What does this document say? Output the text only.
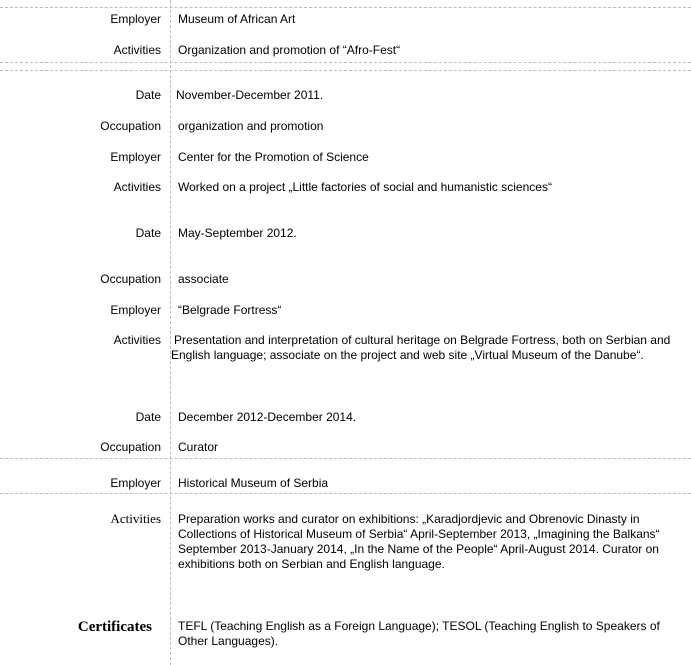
Employer Museum of African Art
Activities Organization and promotion of “Afro-Fest“
Date November-December 2011.
Occupation organization and promotion
Employer Center for the Promotion of Science
Activities Worked on a project „Little factories of social and humanistic sciences“
Date May-September 2012.
Occupation associate
Employer “Belgrade Fortress“
Activities Presentation and interpretation of cultural heritage on Belgrade Fortress, both on Serbian and English language; associate on the project and web site „Virtual Museum of the Danube“.
Date December 2012-December 2014.
Occupation Curator
Employer Historical Museum of Serbia
Activities Preparation works and curator on exhibitions: „Karadjordjevic and Obrenovic Dinasty in Collections of Historical Museum of Serbia“ April-September 2013, „Imagining the Balkans“ September 2013-January 2014, „In the Name of the People“ April-August 2014. Curator on exhibitions both on Serbian and English language.
Certificates TEFL (Teaching English as a Foreign Language); TESOL (Teaching English to Speakers of Other Languages).
